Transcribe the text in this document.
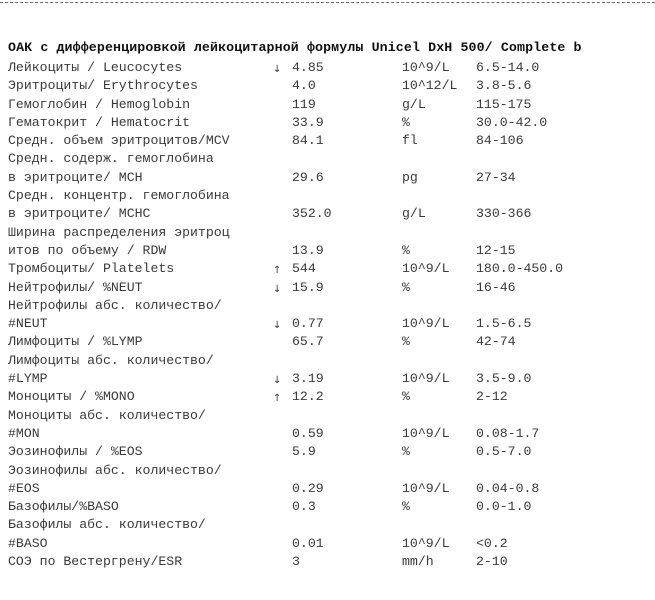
ОАК с дифференцировкой лейкоцитарной формулы Unicel DxH 500/ Complete b
Лейкоциты / Leucocytes	↓ 4.85	10^9/L 6.5-14.0
Эритроциты/ Erythrocytes	4.0	10^12/L 3.8-5.6
Гемоглобин / Hemoglobin	119	g/L	115-175
Гематокрит / Hematocrit	33.9	%	30.0-42.0
Средн. объем эритроцитов/MCV	84.1	fl	84-106
Средн. содерж. гемоглобина
в эритроците/ MCH	29.6	pg	27-34
Средн. концентр. гемоглобина
в эритроците/ MCHC	352.0	g/L	330-366
Ширина распределения эритроц
итов по объему / RDW	13.9	%	12-15
Тромбоциты/ Platelets	↑ 544	10^9/L 180.0-450.0
Нейтрофилы/ %NEUT	↓ 15.9	%	16-46
Нейтрофилы абс. количество/
#NEUT	↓ 0.77	10^9/L 1.5-6.5
Лимфоциты / %LYMP	65.7	%	42-74
Лимфоциты абс. количество/
#LYMP	↓ 3.19	10^9/L 3.5-9.0
Моноциты / %MONO	↑ 12.2	%	2-12
Моноциты абс. количество/
#MON	0.59	10^9/L 0.08-1.7
Эозинофилы / %EOS	5.9	%	0.5-7.0
Эозинофилы абс. количество/
#EOS	0.29	10^9/L 0.04-0.8
Базофилы/%BASO	0.3	%	0.0-1.0
Базофилы абс. количество/
#BASO	0.01	10^9/L <0.2
СОЭ по Вестергрену/ESR	3	mm/h	2-10
